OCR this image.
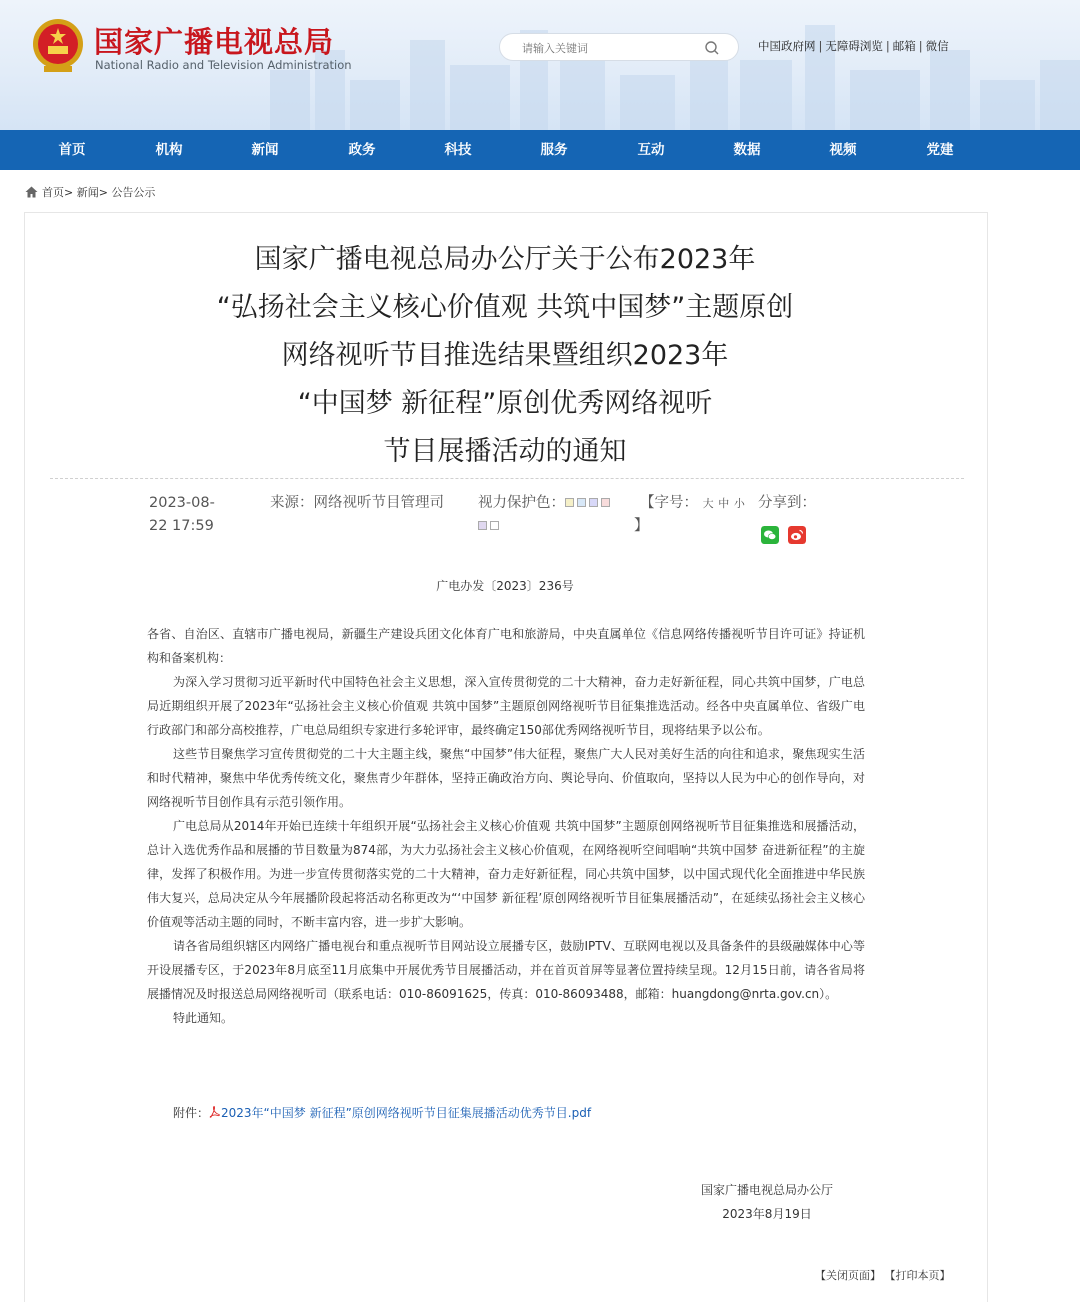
国家广播电视总局
National Radio and Television Administration
请输入关键词
中国政府网 | 无障碍浏览 | 邮箱 | 微信
首页	机构	新闻	政务	科技	服务	互动	数据	视频	党建
首页> 新闻> 公告公示
国家广播电视总局办公厅关于公布2023年
“弘扬社会主义核心价值观 共筑中国梦”主题原创
网络视听节目推选结果暨组织2023年
“中国梦 新征程”原创优秀网络视听
节目展播活动的通知
2023-08-
22 17:59
来源：网络视听节目管理司 视力保护色：	【字号： 大 中 小
】
分享到：
广电办发〔2023〕236号

各省、自治区、直辖市广播电视局，新疆生产建设兵团文化体育广电和旅游局，中央直属单位《信息网络传播视听节目许可证》持证机构和备案机构：

为深入学习贯彻习近平新时代中国特色社会主义思想，深入宣传贯彻党的二十大精神，奋力走好新征程，同心共筑中国梦，广电总局近期组织开展了2023年“弘扬社会主义核心价值观 共筑中国梦”主题原创网络视听节目征集推选活动。经各中央直属单位、省级广电行政部门和部分高校推荐，广电总局组织专家进行多轮评审，最终确定150部优秀网络视听节目，现将结果予以公布。

这些节目聚焦学习宣传贯彻党的二十大主题主线，聚焦“中国梦”伟大征程，聚焦广大人民对美好生活的向往和追求，聚焦现实生活和时代精神，聚焦中华优秀传统文化，聚焦青少年群体，坚持正确政治方向、舆论导向、价值取向，坚持以人民为中心的创作导向，对网络视听节目创作具有示范引领作用。

广电总局从2014年开始已连续十年组织开展“弘扬社会主义核心价值观 共筑中国梦”主题原创网络视听节目征集推选和展播活动，总计入选优秀作品和展播的节目数量为874部，为大力弘扬社会主义核心价值观，在网络视听空间唱响“共筑中国梦 奋进新征程”的主旋律，发挥了积极作用。为进一步宣传贯彻落实党的二十大精神，奋力走好新征程，同心共筑中国梦，以中国式现代化全面推进中华民族伟大复兴，总局决定从今年展播阶段起将活动名称更改为“‘中国梦 新征程’原创网络视听节目征集展播活动”，在延续弘扬社会主义核心价值观等活动主题的同时，不断丰富内容，进一步扩大影响。

请各省局组织辖区内网络广播电视台和重点视听节目网站设立展播专区，鼓励IPTV、互联网电视以及具备条件的县级融媒体中心等开设展播专区，于2023年8月底至11月底集中开展优秀节目展播活动，并在首页首屏等显著位置持续呈现。12月15日前，请各省局将展播情况及时报送总局网络视听司（联系电话：010-86091625，传真：010-86093488，邮箱：huangdong@nrta.gov.cn）。

特此通知。

附件： 2023年“中国梦 新征程”原创网络视听节目征集展播活动优秀节目.pdf
国家广播电视总局办公厅
2023年8月19日
【关闭页面】 【打印本页】
